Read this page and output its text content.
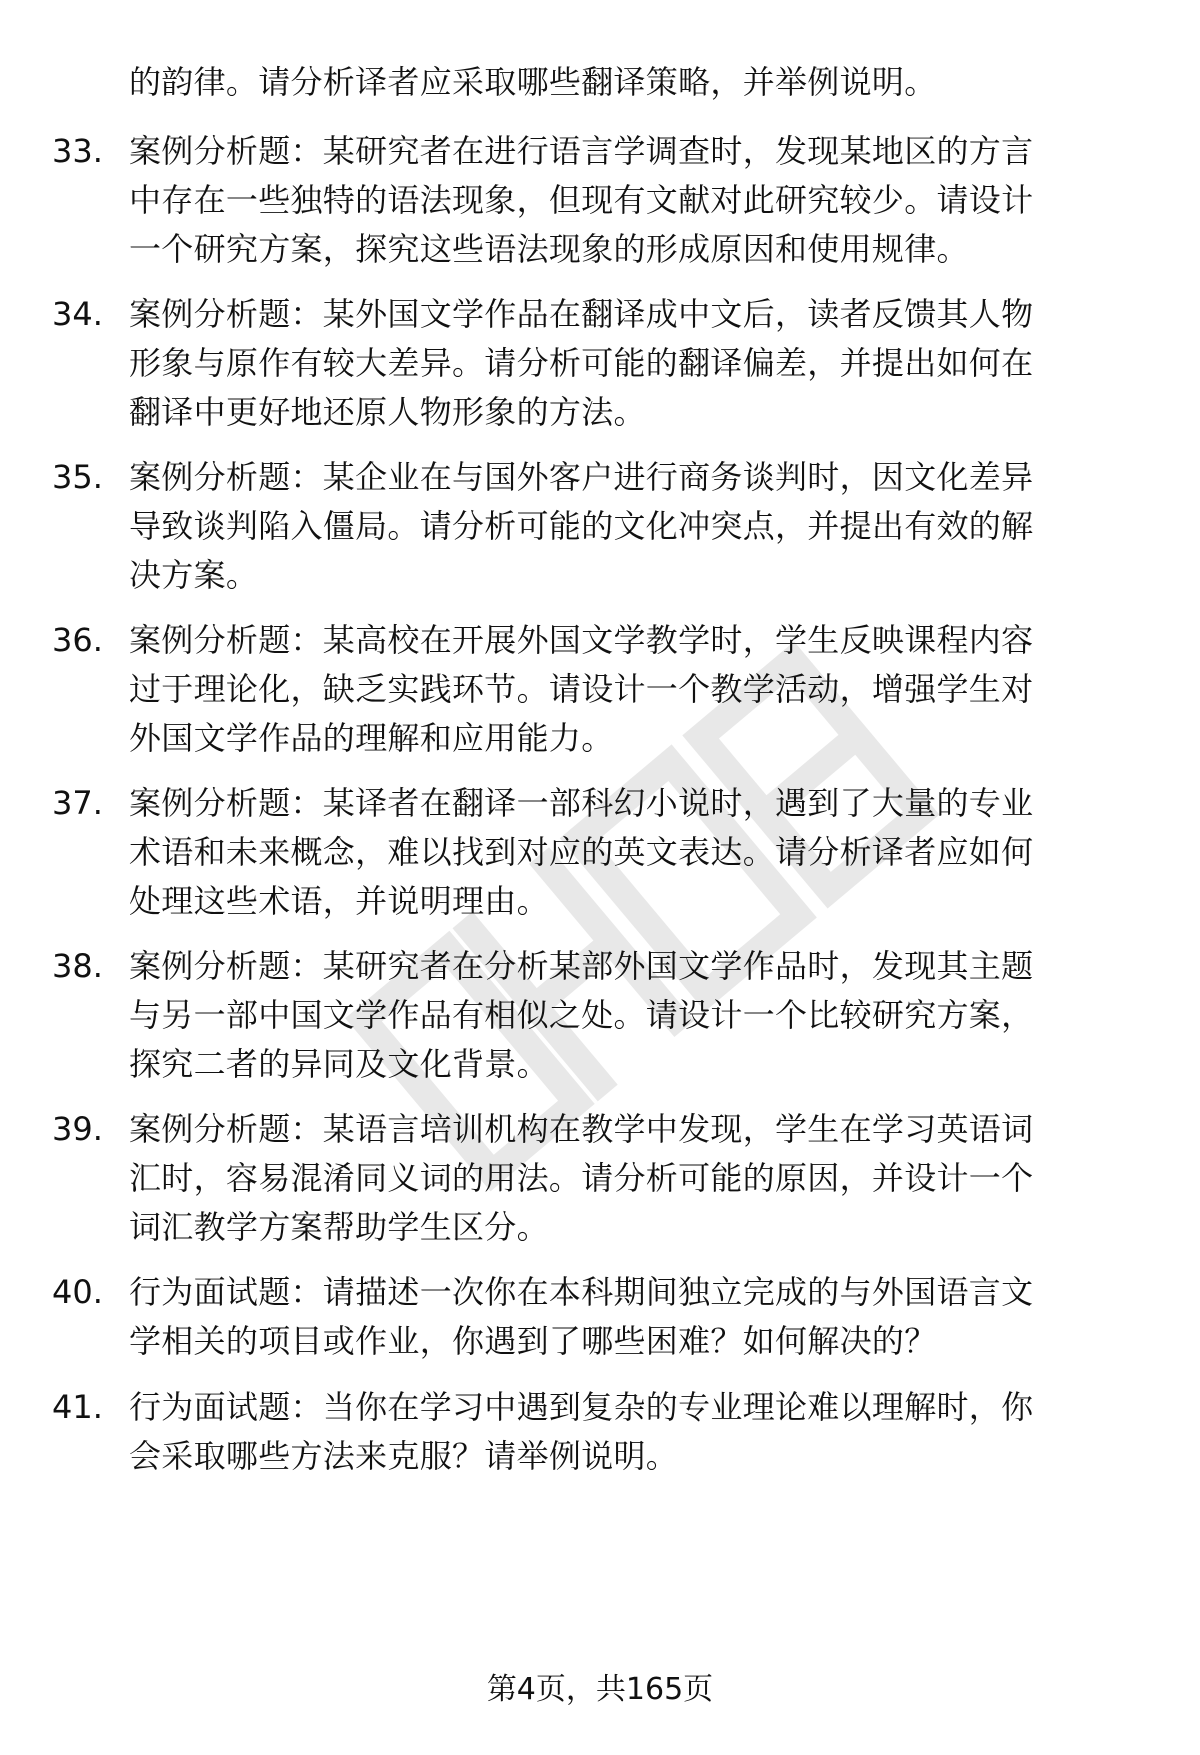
的韵律。请分析译者应采取哪些翻译策略，并举例说明。
33. 案例分析题：某研究者在进行语言学调查时，发现某地区的方言
中存在一些独特的语法现象，但现有文献对此研究较少。请设计
一个研究方案，探究这些语法现象的形成原因和使用规律。
34. 案例分析题：某外国文学作品在翻译成中文后，读者反馈其人物
形象与原作有较大差异。请分析可能的翻译偏差，并提出如何在
翻译中更好地还原人物形象的方法。
35. 案例分析题：某企业在与国外客户进行商务谈判时，因文化差异
导致谈判陷入僵局。请分析可能的文化冲突点，并提出有效的解
决方案。
36. 案例分析题：某高校在开展外国文学教学时，学生反映课程内容
过于理论化，缺乏实践环节。请设计一个教学活动，增强学生对
外国文学作品的理解和应用能力。
37. 案例分析题：某译者在翻译一部科幻小说时，遇到了大量的专业
术语和未来概念，难以找到对应的英文表达。请分析译者应如何
处理这些术语，并说明理由。
38. 案例分析题：某研究者在分析某部外国文学作品时，发现其主题
与另一部中国文学作品有相似之处。请设计一个比较研究方案，
探究二者的异同及文化背景。
39. 案例分析题：某语言培训机构在教学中发现，学生在学习英语词
汇时，容易混淆同义词的用法。请分析可能的原因，并设计一个
词汇教学方案帮助学生区分。
40. 行为面试题：请描述一次你在本科期间独立完成的与外国语言文
学相关的项目或作业，你遇到了哪些困难？如何解决的？
41. 行为面试题：当你在学习中遇到复杂的专业理论难以理解时，你
会采取哪些方法来克服？请举例说明。
第4页，共165页
